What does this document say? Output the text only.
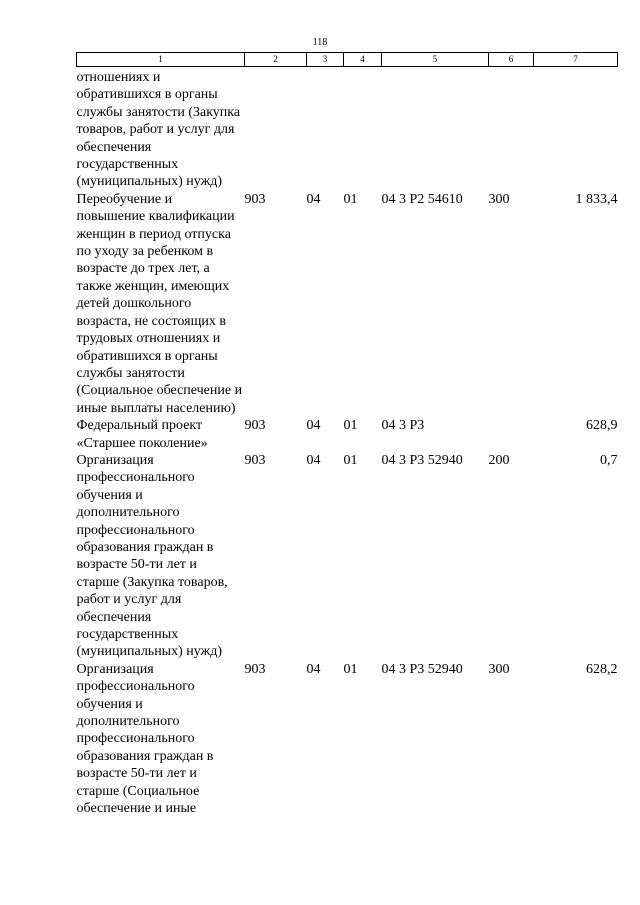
118
1	2	3	4	5	6	7
отношениях и обратившихся в органы службы занятости (Закупка товаров, работ и услуг для обеспечения государственных (муниципальных) нужд)						
Переобучение и повышение квалификации женщин в период отпуска по уходу за ребенком в возрасте до трех лет, а также женщин, имеющих детей дошкольного возраста, не состоящих в трудовых отношениях и обратившихся в органы службы занятости (Социальное обеспечение и иные выплаты населению)	903	04	01	04 3 P2 54610	300	1 833,4
Федеральный проект «Старшее поколение»	903	04	01	04 3 P3		628,9
Организация профессионального обучения и дополнительного профессионального образования граждан в возрасте 50-ти лет и старше (Закупка товаров, работ и услуг для обеспечения государственных (муниципальных) нужд)	903	04	01	04 3 P3 52940	200	0,7
Организация профессионального обучения и дополнительного профессионального образования граждан в возрасте 50-ти лет и старше (Социальное обеспечение и иные	903	04	01	04 3 P3 52940	300	628,2
